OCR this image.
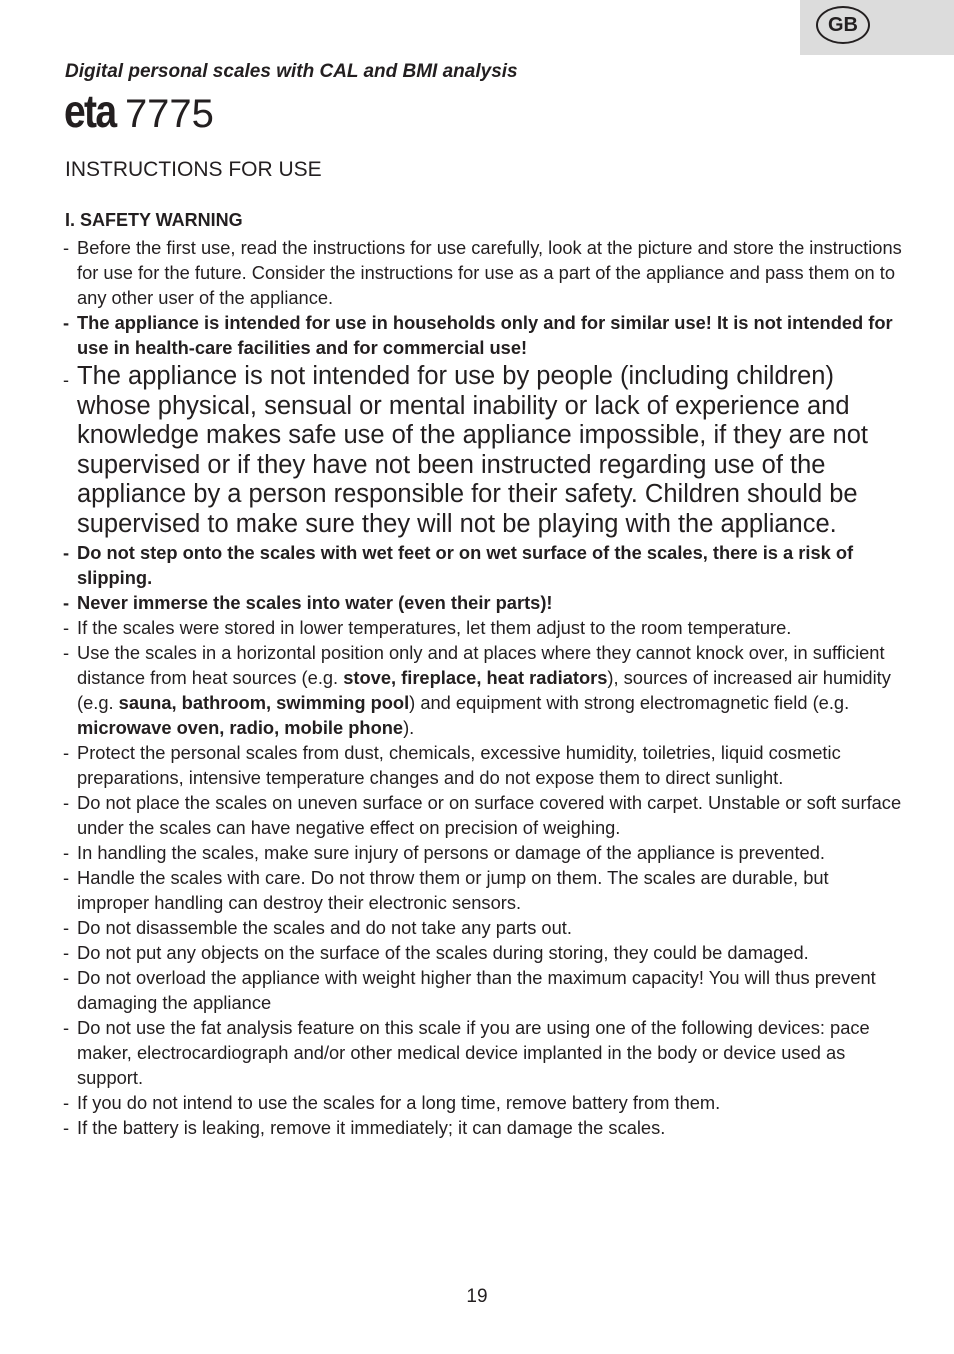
GB
Digital personal scales with CAL and BMI analysis
eta 7775
INSTRUCTIONS FOR USE
I. SAFETY WARNING
- Before the first use, read the instructions for use carefully, look at the picture and store the instructions for use for the future. Consider the instructions for use as a part of the appliance and pass them on to any other user of the appliance.
- The appliance is intended for use in households only and for similar use! It is not intended for use in health-care facilities and for commercial use!
- The appliance is not intended for use by people (including children) whose physical, sensual or mental inability or lack of experience and knowledge makes safe use of the appliance impossible, if they are not supervised or if they have not been instructed regarding use of the appliance by a person responsible for their safety. Children should be supervised to make sure they will not be playing with the appliance.
- Do not step onto the scales with wet feet or on wet surface of the scales, there is a risk of slipping.
- Never immerse the scales into water (even their parts)!
- If the scales were stored in lower temperatures, let them adjust to the room temperature.
- Use the scales in a horizontal position only and at places where they cannot knock over, in sufficient distance from heat sources (e.g. stove, fireplace, heat radiators), sources of increased air humidity (e.g. sauna, bathroom, swimming pool) and equipment with strong electromagnetic field (e.g. microwave oven, radio, mobile phone).
- Protect the personal scales from dust, chemicals, excessive humidity, toiletries, liquid cosmetic preparations, intensive temperature changes and do not expose them to direct sunlight.
- Do not place the scales on uneven surface or on surface covered with carpet. Unstable or soft surface under the scales can have negative effect on precision of weighing.
- In handling the scales, make sure injury of persons or damage of the appliance is prevented.
- Handle the scales with care. Do not throw them or jump on them. The scales are durable, but improper handling can destroy their electronic sensors.
- Do not disassemble the scales and do not take any parts out.
- Do not put any objects on the surface of the scales during storing, they could be damaged.
- Do not overload the appliance with weight higher than the maximum capacity! You will thus prevent damaging the appliance
- Do not use the fat analysis feature on this scale if you are using one of the following devices: pace maker, electrocardiograph and/or other medical device implanted in the body or device used as support.
- If you do not intend to use the scales for a long time, remove battery from them.
- If the battery is leaking, remove it immediately; it can damage the scales.
19
